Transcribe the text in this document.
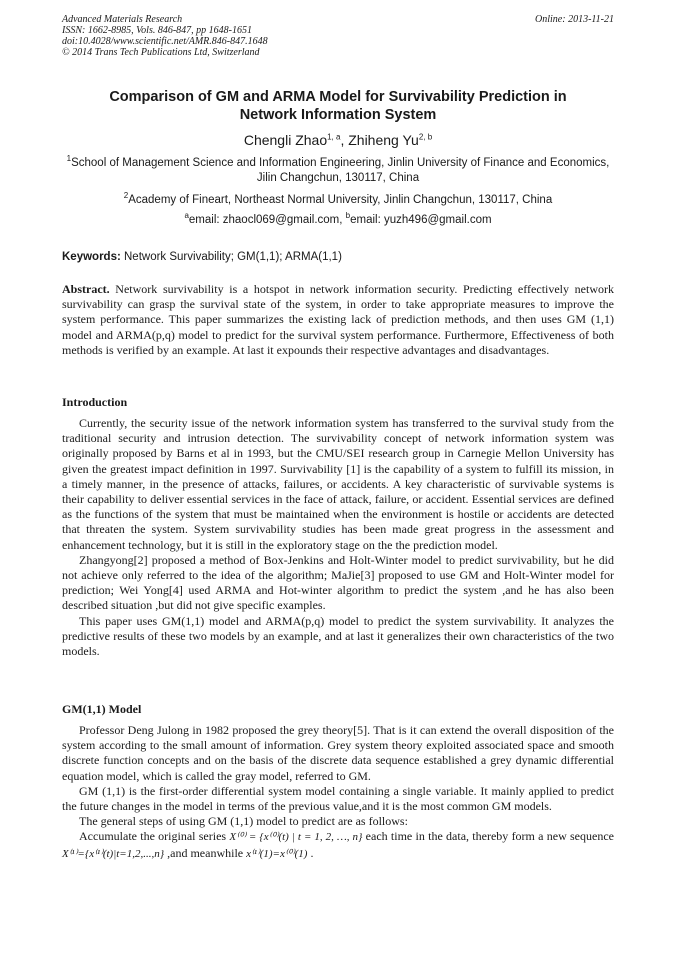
Advanced Materials Research
ISSN: 1662-8985, Vols. 846-847, pp 1648-1651
doi:10.4028/www.scientific.net/AMR.846-847.1648
© 2014 Trans Tech Publications Ltd, Switzerland
Online: 2013-11-21
Comparison of GM and ARMA Model for Survivability Prediction in
Network Information System
Chengli Zhao$^{1, a}$, Zhiheng Yu$^{2, b}$
$^1$School of Management Science and Information Engineering, Jinlin University of Finance and Economics, Jilin Changchun, 130117, China
$^2$Academy of Fineart, Northeast Normal University, Jinlin Changchun, 130117, China
$^a$email: zhaocl069@gmail.com, $^b$email: yuzh496@gmail.com
Keywords: Network Survivability; GM(1,1); ARMA(1,1)

Abstract. Network survivability is a hotspot in network information security. Predicting effectively network survivability can grasp the survival state of the system, in order to take appropriate measures to improve the system performance. This paper summarizes the existing lack of prediction methods, and then uses GM (1,1) model and ARMA(p,q) model to predict for the survival system performance. Furthermore, Effectiveness of both methods is verified by an example. At last it expounds their respective advantages and disadvantages.

Introduction

Currently, the security issue of the network information system has transferred to the survival study from the traditional security and intrusion detection. The survivability concept of network information system was originally proposed by Barns et al in 1993, but the CMU/SEI research group in Carnegie Mellon University has given the greatest impact definition in 1997. Survivability [1] is the capability of a system to fulfill its mission, in a timely manner, in the presence of attacks, failures, or accidents. A key characteristic of survivable systems is their capability to deliver essential services in the face of attack, failure, or accident. Essential services are defined as the functions of the system that must be maintained when the environment is hostile or accidents are detected that threaten the system. System survivability studies has been made great progress in the assessment and enhancement technology, but it is still in the exploratory stage on the the prediction model.

Zhangyong[2] proposed a method of Box-Jenkins and Holt-Winter model to predict survivability, but he did not achieve only referred to the idea of the algorithm; MaJie[3] proposed to use GM and Holt-Winter model for prediction; Wei Yong[4] used ARMA and Hot-winter algorithm to predict the system ,and he has also been described situation ,but did not give specific examples.

This paper uses GM(1,1) model and ARMA(p,q) model to predict the system survivability. It analyzes the predictive results of these two models by an example, and at last it generalizes their own characteristics of the two models.

GM(1,1) Model

Professor Deng Julong in 1982 proposed the grey theory[5]. That is it can extend the overall disposition of the system according to the small amount of information. Grey system theory exploited associated space and smooth discrete function concepts and on the basis of the discrete data sequence established a grey dynamic differential equation model, which is called the gray model, referred to GM.

GM (1,1) is the first-order differential system model containing a single variable. It mainly applied to predict the future changes in the model in terms of the previous value,and it is the most common GM models.

The general steps of using GM (1,1) model to predict are as follows:

Accumulate the original series X⁽⁰⁾ = {x⁽⁰⁾(t) | t = 1, 2, …, n} each time in the data, thereby form a new sequence X⁽¹⁾={x⁽¹⁾(t)|t=1,2,...,n} ,and meanwhile x⁽¹⁾(1)=x⁽⁰⁾(1) .
